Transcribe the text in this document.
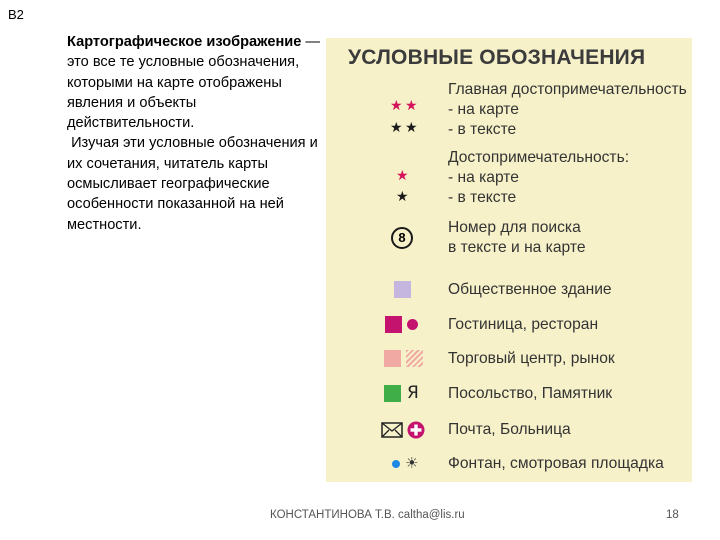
В2
Картографическое изображение — это все те условные обозначения, которыми на карте отображены явления и объекты действительности.
Изучая эти условные обозначения и их сочетания, читатель карты осмысливает географические особенности показанной на ней местности.
УСЛОВНЫЕ ОБОЗНАЧЕНИЯ
★ ★
★ ★
Главная достопримечательность
- на карте
- в тексте
★
★
Достопримечательность:
- на карте
- в тексте
8
Номер для поиска
в тексте и на карте
Общественное здание
Гостиница, ресторан
Торговый центр, рынок
Я Посольство, Памятник
Почта, Больница
☀ Фонтан, смотровая площадка
КОНСТАНТИНОВА Т.В. caltha@lis.ru	18
